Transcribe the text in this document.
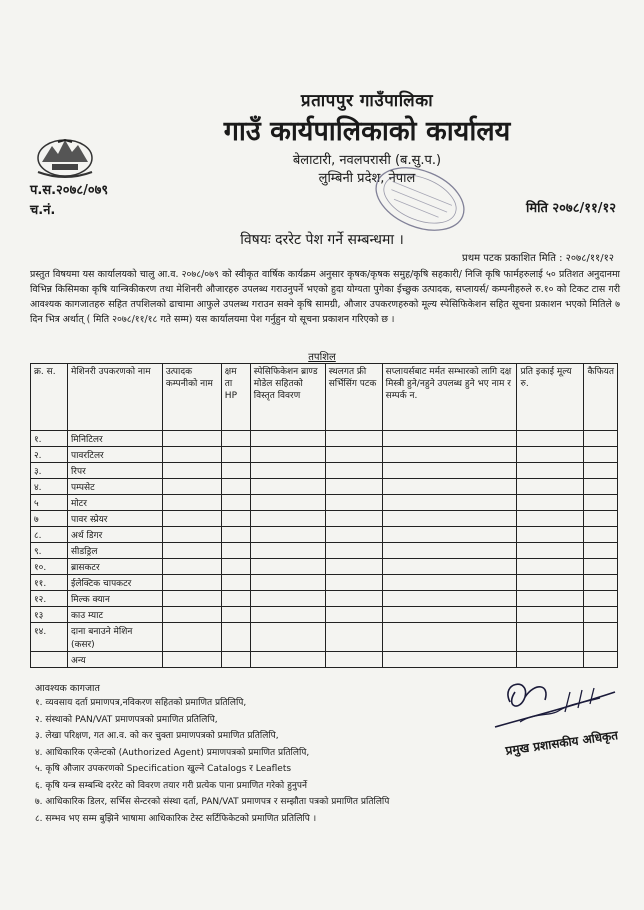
प्रतापपुर गाउँपालिका
गाउँ कार्यपालिकाको कार्यालय
बेलाटारी, नवलपरासी (ब.सु.प.)
लुम्बिनी प्रदेश, नेपाल
प.स.२०७८/०७९
च.नं.	मिति २०७८/११/१२
विषयः दररेट पेश गर्ने सम्बन्धमा ।
प्रथम पटक प्रकाशित मिति : २०७८/११/१२
प्रस्तुत विषयमा यस कार्यालयको चालु आ.व. २०७८/०७९ को स्वीकृत वार्षिक कार्यक्रम अनुसार कृषक/कृषक समुह/कृषि सहकारी/ निजि कृषि फार्महरुलाई ५० प्रतिशत अनुदानमा विभिन्न किसिमका कृषि यान्त्रिकीकरण तथा मेशिनरी औजारहरु उपलब्ध गराउनुपर्ने भएको हुदा योग्यता पुगेका ईच्छुक उत्पादक, सप्लायर्स/ कम्पनीहरुले रु.१० को टिकट टास गरी आवश्यक कागजातहरु सहित तपशिलको ढाचामा आफुले उपलब्ध गराउन सक्ने कृषि सामग्री, औजार उपकरणहरुको मूल्य स्पेसिफिकेशन सहित सूचना प्रकाशन भएको मितिले ७ दिन भित्र अर्थात् ( मिति २०७८/११/१८ गते सम्म) यस कार्यालयमा पेश गर्नुहुन यो सूचना प्रकाशन गरिएको छ ।
तपशिल
क्र. स.	मेशिनरी उपकरणको नाम	उत्पादक कम्पनीको नाम	क्षम ता HP	स्पेसिफिकेशन ब्राण्ड मोडेल सहितको विस्तृत विवरण	स्थलगत फ्री सर्भिसिंग पटक	सप्लायर्सबाट मर्मत सम्भारको लागि दक्ष मिस्त्री हुने/नहुने उपलब्ध हुने भए नाम र सम्पर्क न.	प्रति इकाई मूल्य रु.	कैफियत
१.	मिनिटिलर							
२.	पावरटिलर							
३.	रिपर							
४.	पम्पसेट							
५	मोटर							
७	पावर स्प्रेयर							
८.	अर्थ डिगर							
९.	सीडड्रिल							
१०.	ब्रासकटर							
११.	ईलेक्टिक चापकटर							
१२.	मिल्क क्यान							
१३	काउ म्याट							
१४.	दाना बनाउने मेशिन (कसर)							
	अन्य							
आवश्यक कागजात
१. व्यवसाय दर्ता प्रमाणपत्र,नविकरण सहितको प्रमाणित प्रतिलिपि,
२. संस्थाको PAN/VAT प्रमाणपत्रको प्रमाणित प्रतिलिपि,
३. लेखा परिक्षण, गत आ.व. को कर चुक्ता प्रमाणपत्रको प्रमाणित प्रतिलिपि,
४. आधिकारिक एजेन्टको (Authorized Agent) प्रमाणपत्रको प्रमाणित प्रतिलिपि,
५. कृषि औजार उपकरणको Specification खुल्ने Catalogs र Leaflets
६. कृषि यन्त्र सम्बन्धि दररेट को विवरण तयार गरी प्रत्येक पाना प्रमाणित गरेको हुनुपर्ने
७. आधिकारिक डिलर, सर्भिस सेन्टरको संस्था दर्ता, PAN/VAT प्रमाणपत्र र सम्झौता पत्रको प्रमाणित प्रतिलिपि
८. सम्भव भए सम्म बुझिने भाषामा आधिकारिक टेस्ट सर्टिफिकेटको प्रमाणित प्रतिलिपि ।
प्रमुख प्रशासकीय अधिकृत
